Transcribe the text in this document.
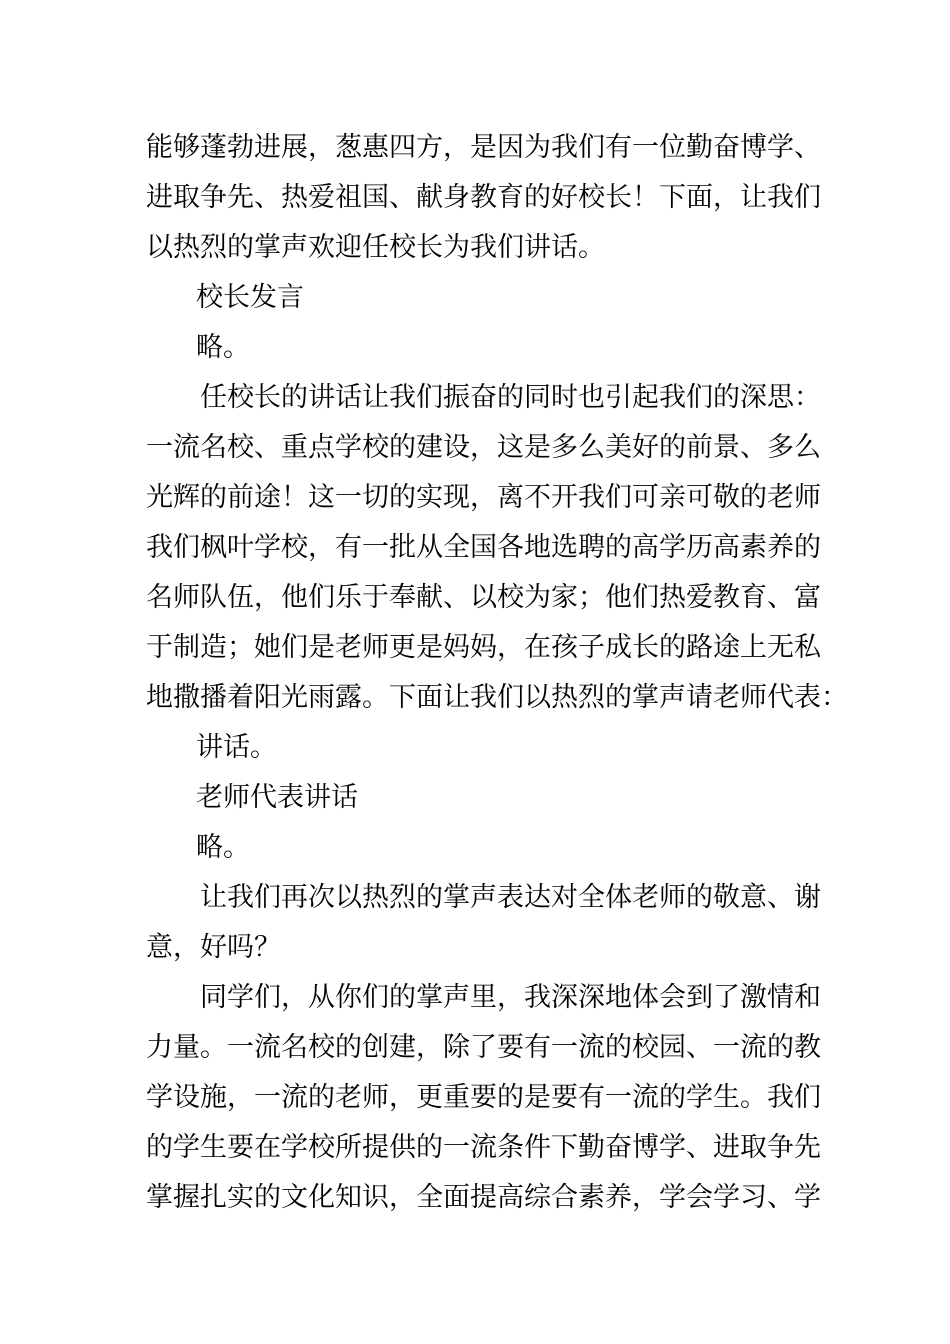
能够蓬勃进展，葱惠四方，是因为我们有一位勤奋博学、
进取争先、热爱祖国、献身教育的好校长！下面，让我们
以热烈的掌声欢迎任校长为我们讲话。
校长发言
略。
任校长的讲话让我们振奋的同时也引起我们的深思：
一流名校、重点学校的建设，这是多么美好的前景、多么
光辉的前途！这一切的实现，离不开我们可亲可敬的老师
我们枫叶学校，有一批从全国各地选聘的高学历高素养的
名师队伍，他们乐于奉献、以校为家；他们热爱教育、富
于制造；她们是老师更是妈妈，在孩子成长的路途上无私
地撒播着阳光雨露。下面让我们以热烈的掌声请老师代表：
讲话。
老师代表讲话
略。
让我们再次以热烈的掌声表达对全体老师的敬意、谢
意，好吗？
同学们，从你们的掌声里，我深深地体会到了激情和
力量。一流名校的创建，除了要有一流的校园、一流的教
学设施，一流的老师，更重要的是要有一流的学生。我们
的学生要在学校所提供的一流条件下勤奋博学、进取争先
掌握扎实的文化知识，全面提高综合素养，学会学习、学
